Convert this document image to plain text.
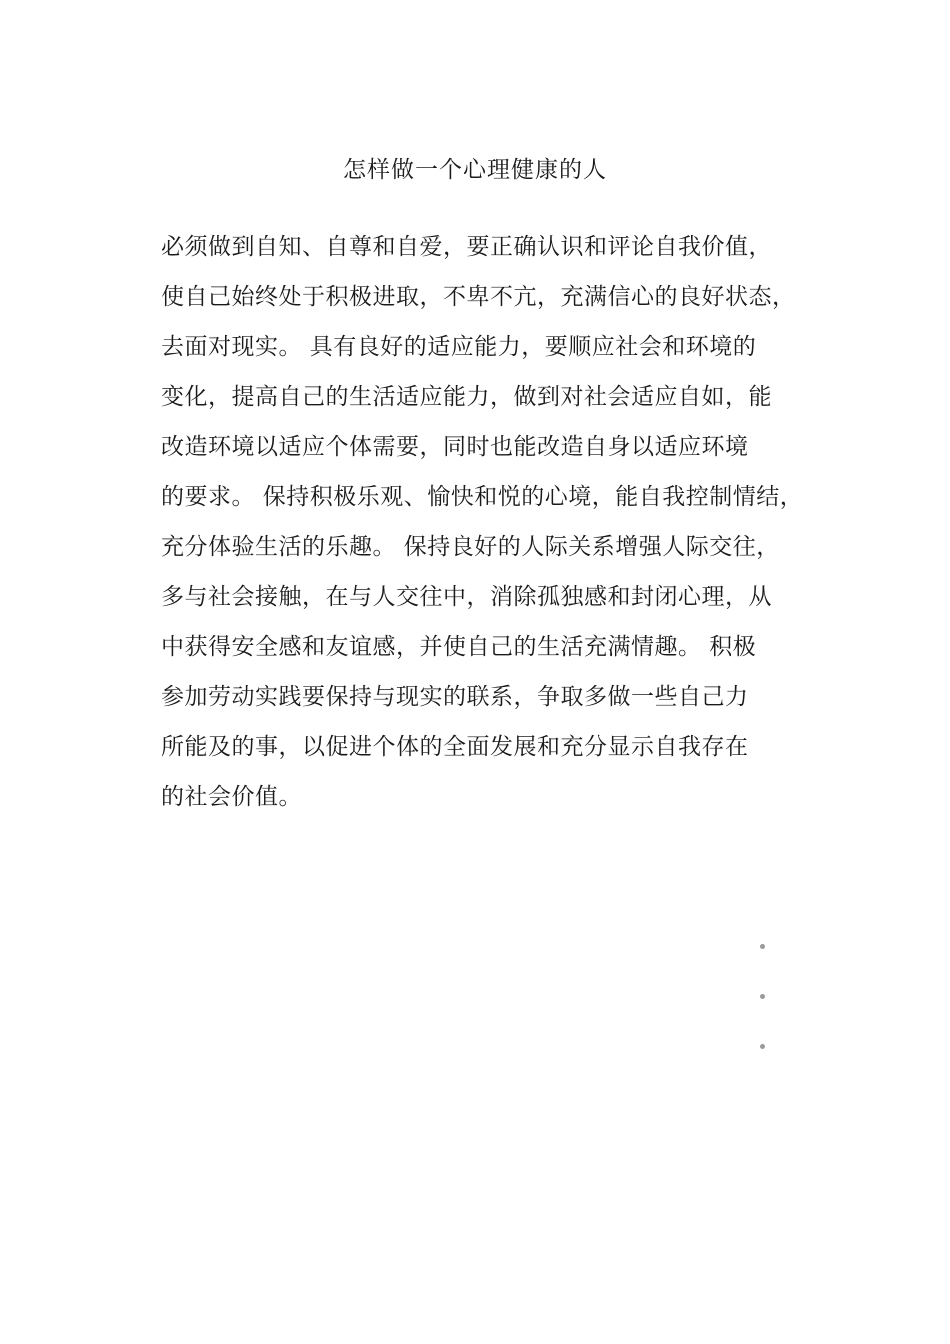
怎样做一个心理健康的人
必须做到自知、自尊和自爱，要正确认识和评论自我价值，
使自己始终处于积极进取，不卑不亢，充满信心的良好状态，
去面对现实。 具有良好的适应能力，要顺应社会和环境的
变化，提高自己的生活适应能力，做到对社会适应自如，能
改造环境以适应个体需要，同时也能改造自身以适应环境
的要求。 保持积极乐观、愉快和悦的心境，能自我控制情结，
充分体验生活的乐趣。 保持良好的人际关系增强人际交往，
多与社会接触，在与人交往中，消除孤独感和封闭心理，从
中获得安全感和友谊感，并使自己的生活充满情趣。 积极
参加劳动实践要保持与现实的联系，争取多做一些自己力
所能及的事，以促进个体的全面发展和充分显示自我存在
的社会价值。
